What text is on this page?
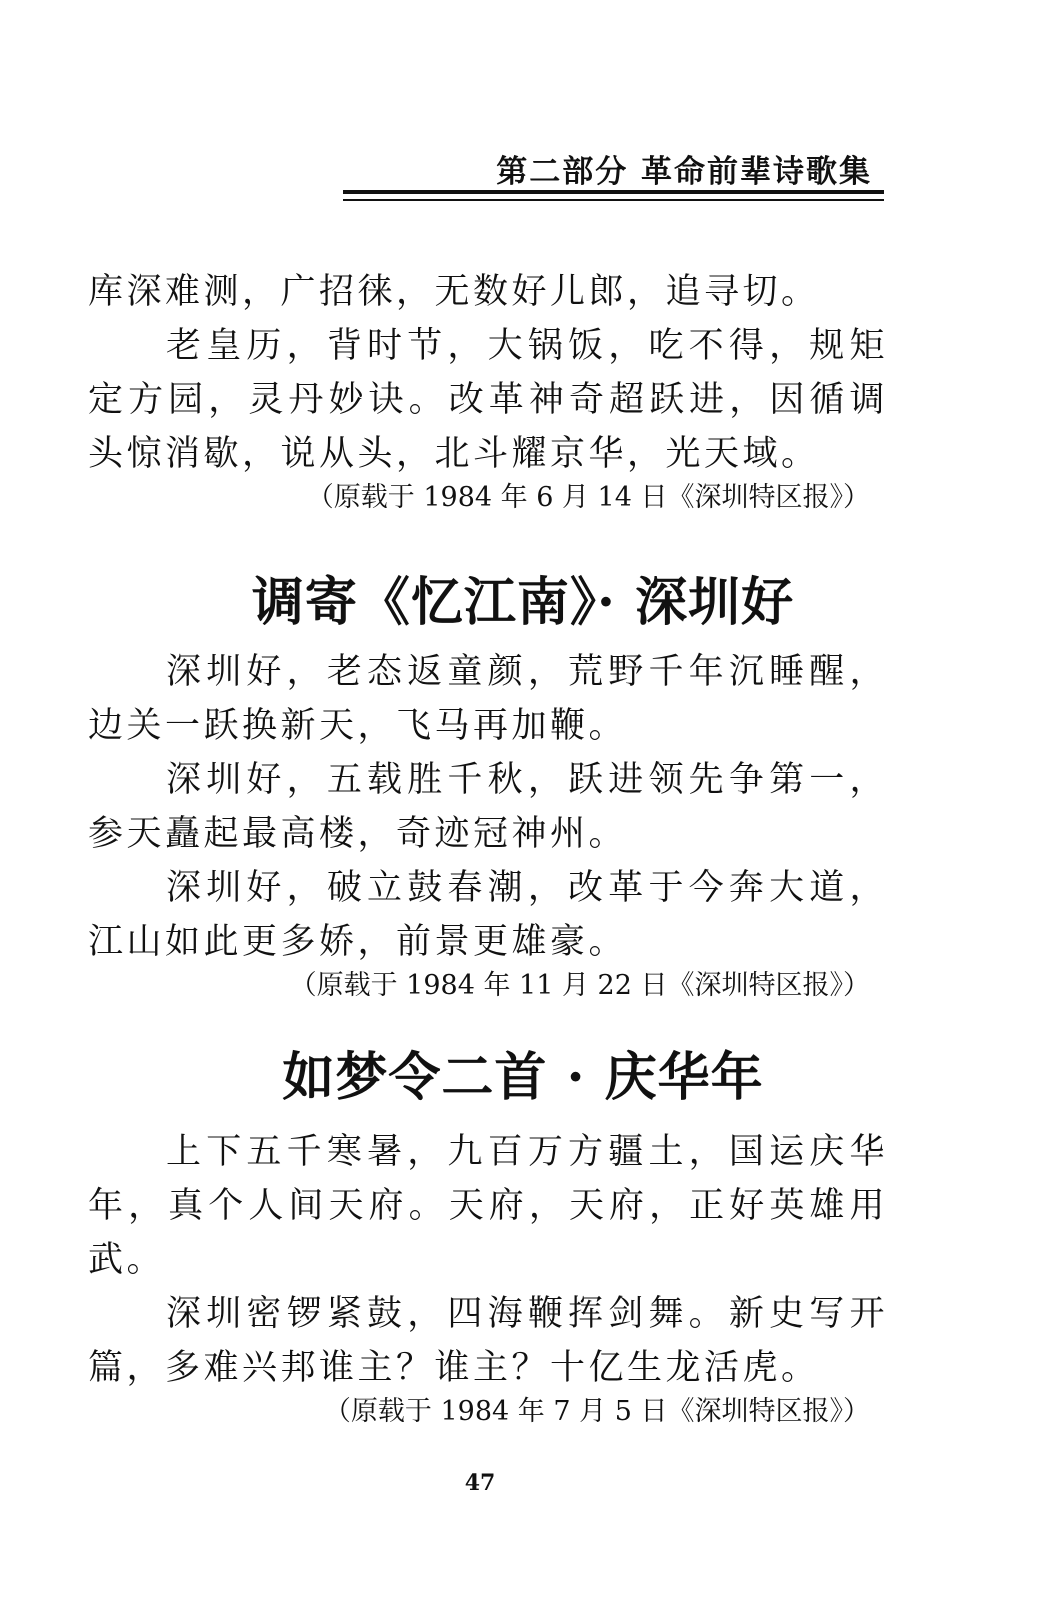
第二部分 革命前辈诗歌集

库深难测，广招徕，无数好儿郎，追寻切。

老皇历，背时节，大锅饭，吃不得，规矩定方园，灵丹妙诀。改革神奇超跃进，因循调头惊消歇，说从头，北斗耀京华，光天域。

（原载于 1984 年 6 月 14 日《深圳特区报》）

调寄《忆江南》· 深圳好

深圳好，老态返童颜，荒野千年沉睡醒，边关一跃换新天，飞马再加鞭。

深圳好，五载胜千秋，跃进领先争第一，参天矗起最高楼，奇迹冠神州。

深圳好，破立鼓春潮，改革于今奔大道，江山如此更多娇，前景更雄豪。

（原载于 1984 年 11 月 22 日《深圳特区报》）

如梦令二首 · 庆华年

上下五千寒暑，九百万方疆土，国运庆华年，真个人间天府。天府，天府，正好英雄用武。

深圳密锣紧鼓，四海鞭挥剑舞。新史写开篇，多难兴邦谁主？谁主？十亿生龙活虎。

（原载于 1984 年 7 月 5 日《深圳特区报》）

47
